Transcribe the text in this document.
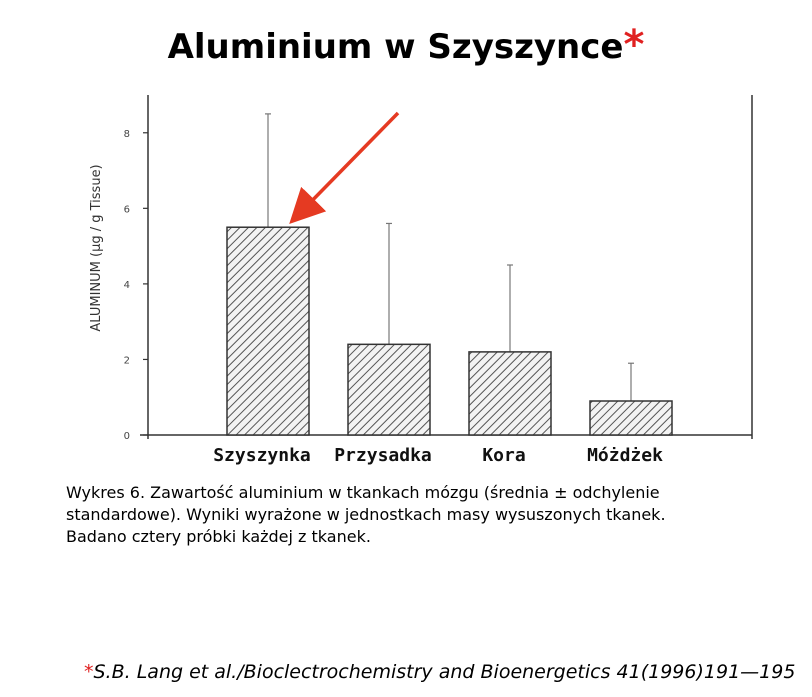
Aluminium w Szyszynce*
0
2
4
6
8
ALUMINUM (µg / g Tissue)
Szyszynka Przysadka	Kora	Móżdżek
Wykres 6. Zawartość aluminium w tkankach mózgu (średnia ± odchylenie
standardowe). Wyniki wyrażone w jednostkach masy wysuszonych tkanek.
Badano cztery próbki każdej z tkanek.
*S.B. Lang et al./Bioclectrochemistry and Bioenergetics 41(1996)191—195
